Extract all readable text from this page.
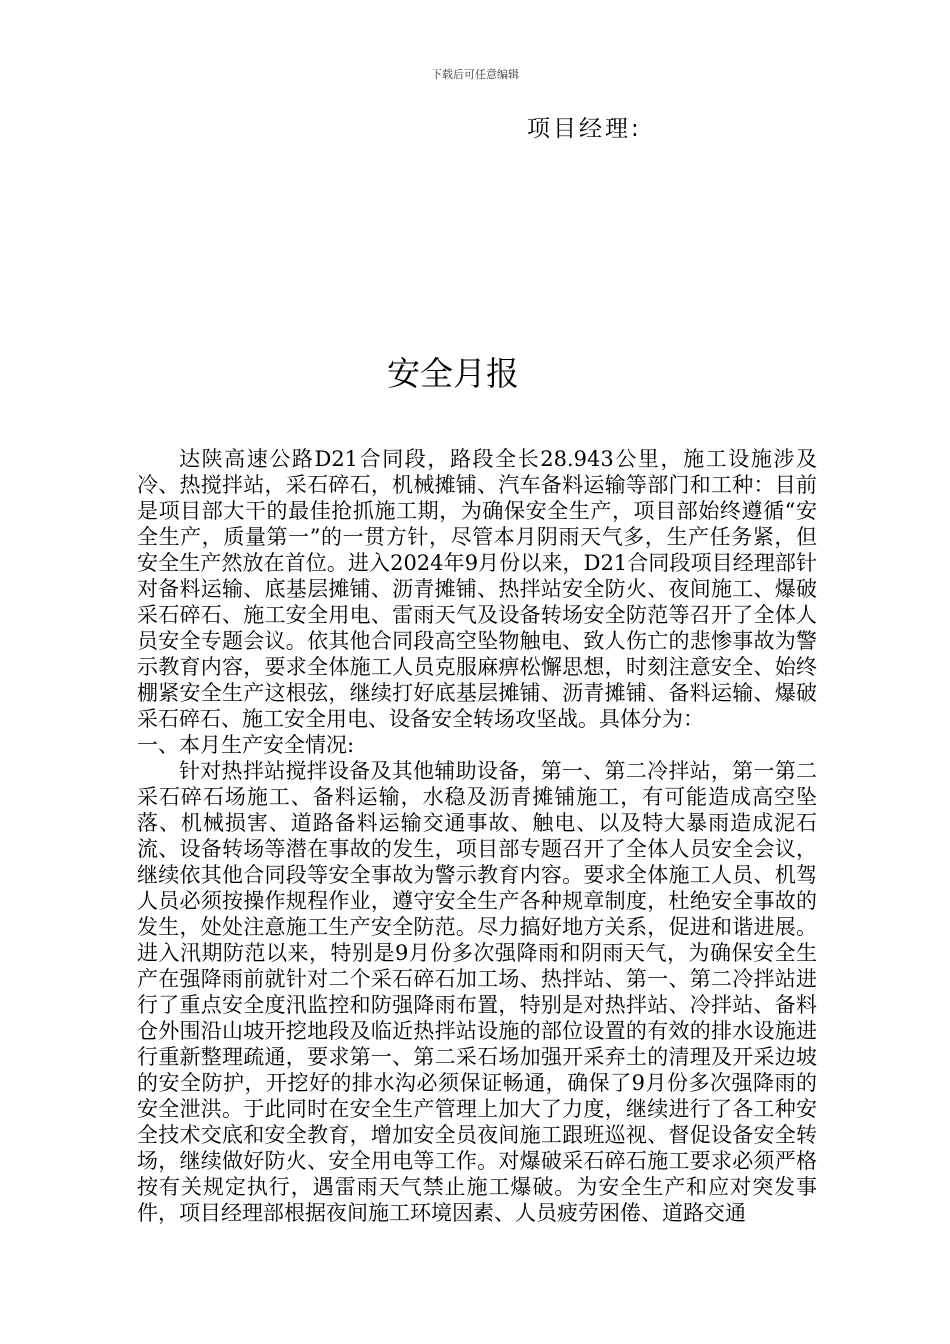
下载后可任意编辑
项目经理:
安全月报

达陕高速公路D21合同段，路段全长28.943公里，施工设施涉及冷、热搅拌站，采石碎石，机械摊铺、汽车备料运输等部门和工种：目前是项目部大干的最佳抢抓施工期，为确保安全生产，项目部始终遵循“安全生产，质量第一”的一贯方针，尽管本月阴雨天气多，生产任务紧，但安全生产然放在首位。进入2024年9月份以来，D21合同段项目经理部针对备料运输、底基层摊铺、沥青摊铺、热拌站安全防火、夜间施工、爆破采石碎石、施工安全用电、雷雨天气及设备转场安全防范等召开了全体人员安全专题会议。依其他合同段高空坠物触电、致人伤亡的悲惨事故为警示教育内容，要求全体施工人员克服麻痹松懈思想，时刻注意安全、始终棚紧安全生产这根弦，继续打好底基层摊铺、沥青摊铺、备料运输、爆破采石碎石、施工安全用电、设备安全转场攻坚战。具体分为：

一、本月生产安全情况:

针对热拌站搅拌设备及其他辅助设备，第一、第二冷拌站，第一第二采石碎石场施工、备料运输，水稳及沥青摊铺施工，有可能造成高空坠落、机械损害、道路备料运输交通事故、触电、以及特大暴雨造成泥石流、设备转场等潜在事故的发生，项目部专题召开了全体人员安全会议，继续依其他合同段等安全事故为警示教育内容。要求全体施工人员、机驾人员必须按操作规程作业，遵守安全生产各种规章制度，杜绝安全事故的发生，处处注意施工生产安全防范。尽力搞好地方关系，促进和谐进展。进入汛期防范以来，特别是9月份多次强降雨和阴雨天气，为确保安全生产在强降雨前就针对二个采石碎石加工场、热拌站、第一、第二冷拌站进行了重点安全度汛监控和防强降雨布置，特别是对热拌站、冷拌站、备料仓外围沿山坡开挖地段及临近热拌站设施的部位设置的有效的排水设施进行重新整理疏通，要求第一、第二采石场加强开采弃土的清理及开采边坡的安全防护，开挖好的排水沟必须保证畅通，确保了9月份多次强降雨的安全泄洪。于此同时在安全生产管理上加大了力度，继续进行了各工种安全技术交底和安全教育，增加安全员夜间施工跟班巡视、督促设备安全转场，继续做好防火、安全用电等工作。对爆破采石碎石施工要求必须严格按有关规定执行，遇雷雨天气禁止施工爆破。为安全生产和应对突发事件，项目经理部根据夜间施工环境因素、人员疲劳困倦、道路交通
